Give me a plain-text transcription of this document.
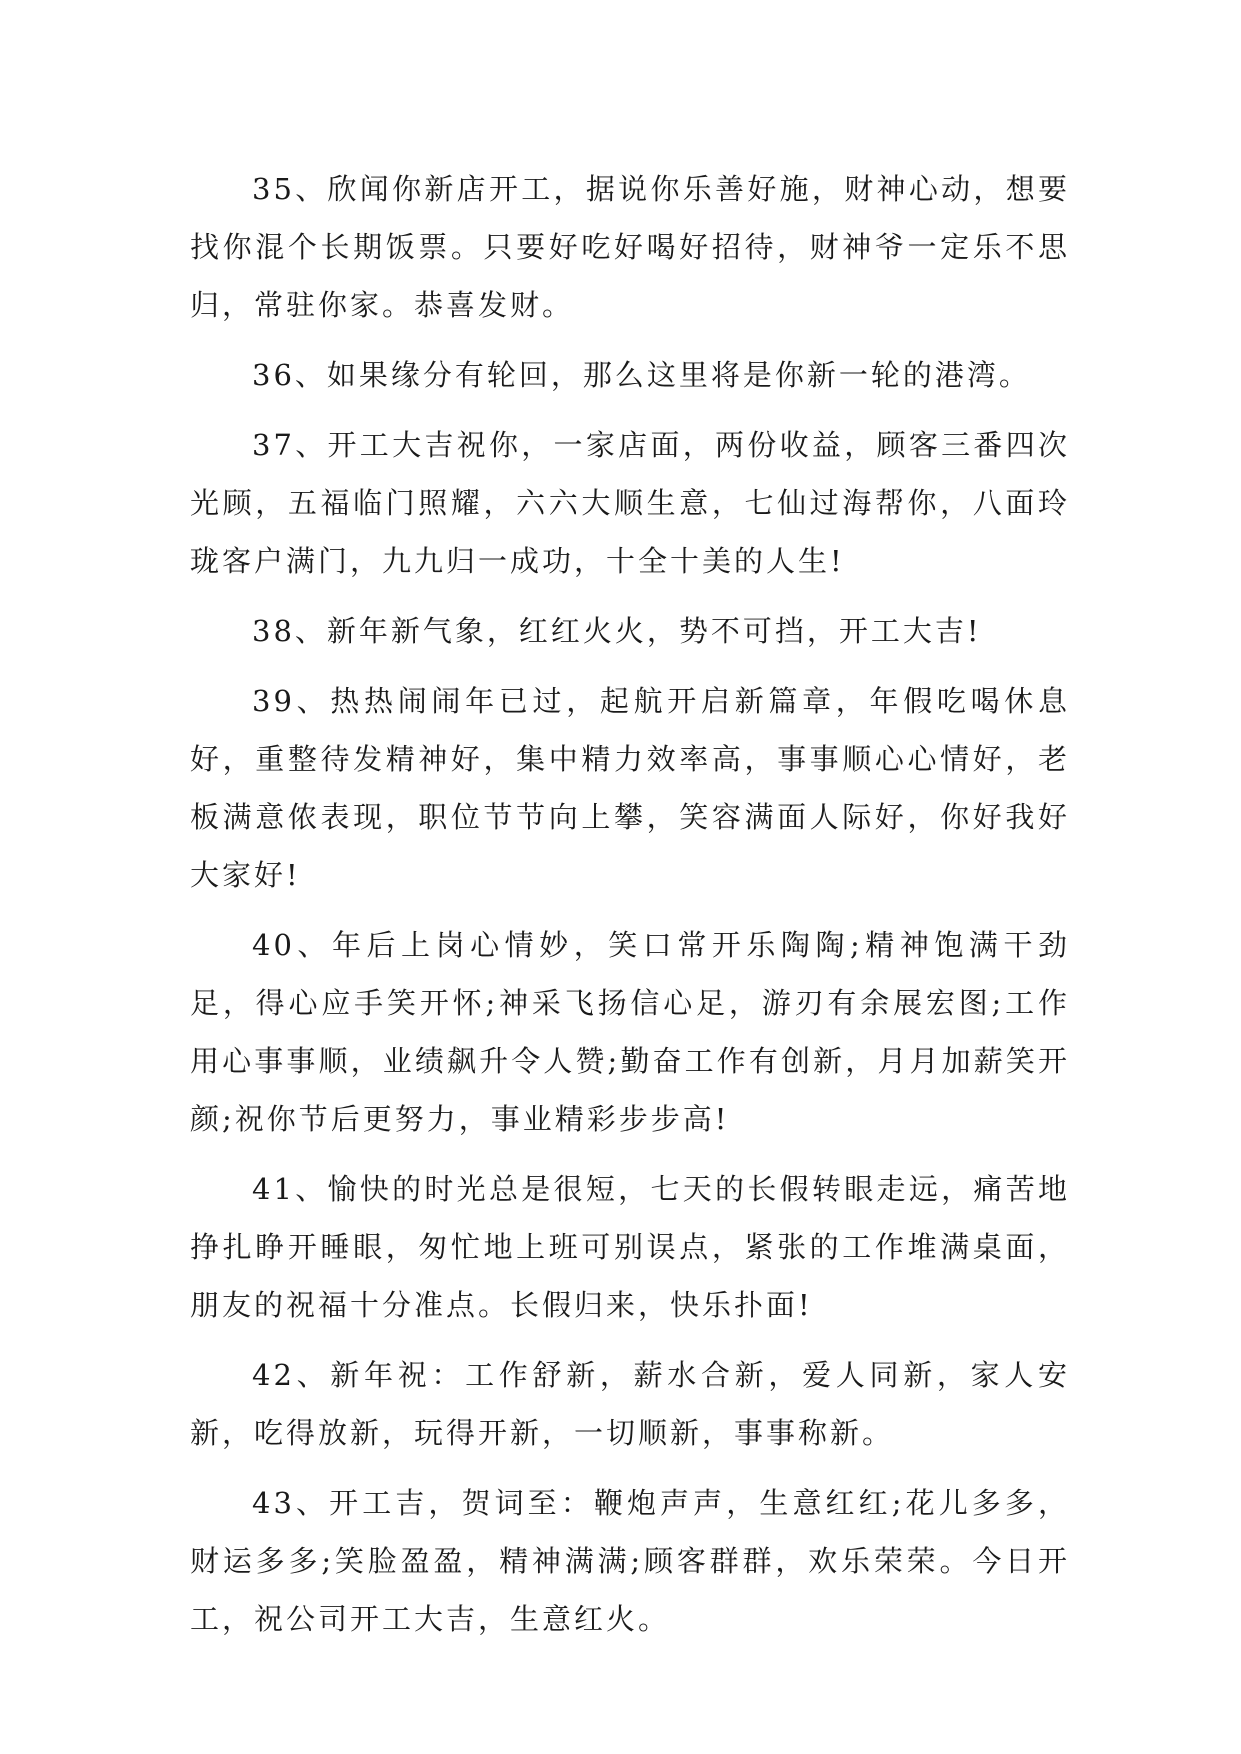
35、欣闻你新店开工，据说你乐善好施，财神心动，想要找你混个长期饭票。只要好吃好喝好招待，财神爷一定乐不思归，常驻你家。恭喜发财。

36、如果缘分有轮回，那么这里将是你新一轮的港湾。

37、开工大吉祝你，一家店面，两份收益，顾客三番四次光顾，五福临门照耀，六六大顺生意，七仙过海帮你，八面玲珑客户满门，九九归一成功，十全十美的人生!

38、新年新气象，红红火火，势不可挡，开工大吉!

39、热热闹闹年已过，起航开启新篇章，年假吃喝休息好，重整待发精神好，集中精力效率高，事事顺心心情好，老板满意侬表现，职位节节向上攀，笑容满面人际好，你好我好大家好!

40、年后上岗心情妙，笑口常开乐陶陶;精神饱满干劲足，得心应手笑开怀;神采飞扬信心足，游刃有余展宏图;工作用心事事顺，业绩飙升令人赞;勤奋工作有创新，月月加薪笑开颜;祝你节后更努力，事业精彩步步高!

41、愉快的时光总是很短，七天的长假转眼走远，痛苦地挣扎睁开睡眼，匆忙地上班可别误点，紧张的工作堆满桌面，朋友的祝福十分准点。长假归来，快乐扑面!

42、新年祝：工作舒新，薪水合新，爱人同新，家人安新，吃得放新，玩得开新，一切顺新，事事称新。

43、开工吉，贺词至：鞭炮声声，生意红红;花儿多多，财运多多;笑脸盈盈，精神满满;顾客群群，欢乐荣荣。今日开工，祝公司开工大吉，生意红火。
